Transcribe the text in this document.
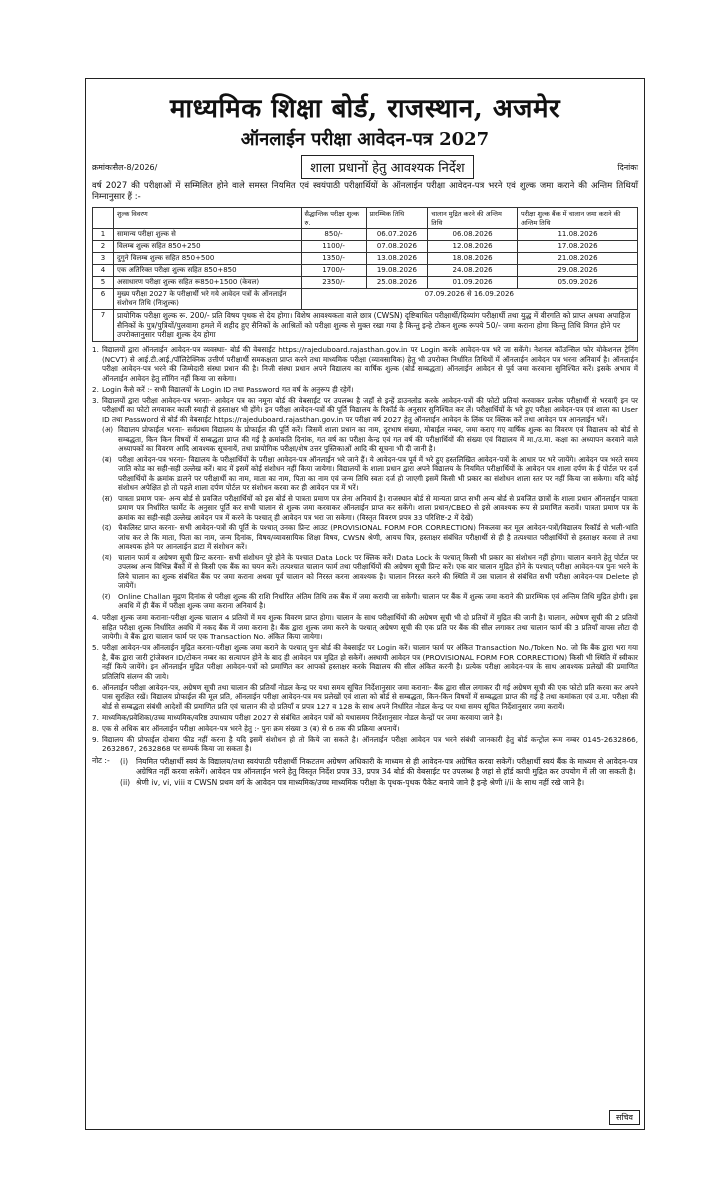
माध्यमिक शिक्षा बोर्ड, राजस्थान, अजमेर
ऑनलाईन परीक्षा आवेदन-पत्र 2027
क्रमांकःसैल-8/2026/	शाला प्रधानों हेतु आवश्यक निर्देश	दिनांकः
वर्ष 2027 की परीक्षाओं में सम्मिलित होने वाले समस्त नियमित एवं स्वयंपाठी परीक्षार्थियों के ऑनलाईन परीक्षा आवेदन-पत्र भरने एवं शुल्क जमा कराने की अन्तिम तिथियाँ निम्नानुसार हैं :-
	शुल्क विवरण	सैद्धान्तिक परीक्षा शुल्क रु.	प्रारम्भिक तिथि	चालान मुद्रित करने की अन्तिम तिथि	परीक्षा शुल्क बैंक में चालान जमा कराने की अन्तिम तिथि
1	सामान्य परीक्षा शुल्क से	850/-	06.07.2026	06.08.2026	11.08.2026
2	विलम्ब शुल्क सहित 850+250	1100/-	07.08.2026	12.08.2026	17.08.2026
3	दुगुने विलम्ब शुल्क सहित 850+500	1350/-	13.08.2026	18.08.2026	21.08.2026
4	एक अतिरिक्त परीक्षा शुल्क सहित 850+850	1700/-	19.08.2026	24.08.2026	29.08.2026
5	असाधारण परीक्षा शुल्क सहित रू850+1500 (केवल)	2350/-	25.08.2026	01.09.2026	05.09.2026
6	मुख्य परीक्षा 2027 के परीक्षार्थी भरे गये आवेदन पत्रों के ऑनलाईन संशोधन तिथि (निःशुल्क)	07.09.2026 से 16.09.2026			
7	प्रायोगिक परीक्षा शुल्क रू. 200/- प्रति विषय पृथक से देय होगा। विशेष आवश्यकता वाले छात्र (CWSN) दृष्टिबाधित परीक्षार्थी/दिव्यांग परीक्षार्थी तथा युद्ध में वीरगति को प्राप्त अथवा अपाहिज सैनिकों के पुत्र/पुत्रियों/पुलवामा हमले में शहीद हुए सैनिकों के आश्रितों को परीक्षा शुल्क से मुक्त रखा गया है किन्तु इन्हे टोकन शुल्क रूपये 50/- जमा कराना होगा किन्तु तिथि विगत होने पर उपरोक्तानुसार परीक्षा शुल्क देय होगा				
1. विद्यालयों द्वारा ऑनलाईन आवेदन-पत्र व्यवस्थाः- बोर्ड की वेबसाईट https://rajeduboard.rajasthan.gov.in पर Login करके आवेदन-पत्र भरे जा सकेंगे। नेशनल कॉउन्सिल फोर वोकेशनल ट्रेनिंग (NCVT) से आई.टी.आई./पॉलिटेक्निक उत्तीर्ण परीक्षार्थी समकक्षता प्राप्त करने तथा माध्यमिक परीक्षा (व्यावसायिक) हेतु भी उपरोक्त निर्धारित तिथियों में ऑनलाईन आवेदन पत्र भरना अनिवार्य है। ऑनलाईन परीक्षा आवेदन-पत्र भरने की जिम्मेदारी संस्था प्रधान की है। निजी संस्था प्रधान अपने विद्यालय का वार्षिक शुल्क (बोर्ड सम्बद्धता) ऑनलाईन आवेदन से पूर्व जमा करवाना सुनिश्चित करें। इसके अभाव में ऑनलाईन आवेदन हेतु लॉगिन नहीं किया जा सकेगा।
2. Login कैसे करें :- सभी विद्यालयों के Login ID तथा Password गत वर्ष के अनुरूप ही रहेगें।
3. विद्यालयों द्वारा परीक्षा आवेदन-पत्र भरनाः- आवेदन पत्र का नमूना बोर्ड की वेबसाईट पर उपलब्ध है जहाँ से इन्हें डाउनलोड करके आवेदन-पत्रों की फोटो प्रतियां करवाकर प्रत्येक परीक्षार्थी से भरवाएँ इन पर परीक्षार्थी का फोटो लगवाकर काली स्याही से हस्ताक्षर भी होंगे। इन परीक्षा आवेदन-पत्रों की पूर्ति विद्यालय के रिकॉर्ड के अनुसार सुनिश्चित कर लें। परीक्षार्थियों के भरे हुए परीक्षा आवेदन-पत्र एवं शाला का User ID तथा Password से बोर्ड की वेबसाईट https://rajeduboard.rajasthan.gov.in पर परीक्षा वर्ष 2027 हेतु ऑनलाईन आवेदन के लिंक पर क्लिक करें तथा आवेदन पत्र आनलाईन भरें।
(अ) विद्यालय प्रोफाईल भरनाः- सर्वप्रथम विद्यालय के प्रोफाईल की पूर्ति करें। जिसमें शाला प्रधान का नाम, दूरभाष संख्या, मोबाईल नम्बर, जमा कराए गए वार्षिक शुल्क का विवरण एवं विद्यालय को बोर्ड से सम्बद्धता, किन किन विषयों में सम्बद्धता प्राप्त की गई है क्रमांकति दिनांक, गत वर्ष का परीक्षा केन्द्र एवं गत वर्ष की परीक्षार्थियों की संख्या एवं विद्यालय में मा./उ.मा. कक्षा का अध्यापन करवाने वाले अध्यापकों का विवरण आदि आवश्यक सूचनायें, तथा प्रायोगिक परीक्षा/शेष उत्तर पुस्तिकाओं आदि की सूचना भी दी जानी है।
(ब) परीक्षा आवेदन-पत्र भरनाः- विद्यालय के परीक्षार्थियों के परीक्षा आवेदन-पत्र ऑनलाईन भरे जाने हैं। ये आवेदन-पत्र पूर्व में भरे हुए हस्तलिखित आवेदन-पत्रों के आधार पर भरे जायेंगे। आवेदन पत्र भरते समय जाति कोड का सही-सही उल्लेख करें। बाद में इसमें कोई संशोधन नहीं किया जायेगा। विद्यालयों के शाला प्रधान द्वारा अपने विद्यालय के नियमित परीक्षार्थियों के आवेदन पत्र शाला दर्पण के ई पोर्टल पर दर्ज परीक्षार्थियों के क्रमांक डालने पर परीक्षार्थी का नाम, माता का नाम, पिता का नाम एवं जन्म तिथि स्वतः दर्ज हो जाएगी इसमें किसी भी प्रकार का संशोधन शाला स्तर पर नहीं किया जा सकेगा। यदि कोई संशोधन अपेक्षित हो तो पहले शाला दर्पण पोर्टल पर संशोधन करवा कर ही आवेदन पत्र में भरें।
(स) पात्रता प्रमाण पत्रः- अन्य बोर्ड से प्रवजित परीक्षार्थियों को इस बोर्ड से पात्रता प्रमाण पत्र लेना अनिवार्य है। राजस्थान बोर्ड से मान्यता प्राप्त सभी अन्य बोर्ड से प्रवजित छात्रों के शाला प्रधान ऑनलाईन पात्रता प्रमाण पत्र निर्धारित फार्मेट के अनुसार पूर्ति कर सभी चालान से शुल्क जमा करवाकर ऑनलाईन प्राप्त कर सकेंगे। शाला प्रधान/CBEO से इसे आवश्यक रूप से प्रमाणित करावें। पात्रता प्रमाण पत्र के क्रमांक का सही-सही उल्लेख आवेदन पत्र में करने के पश्चात् ही आवेदन पत्र भरा जा सकेगा। (विस्तृत विवरण प्रपत्र 33 परिशिष्ट-2 में देखें)
(द) चैकलिस्ट प्राप्त करनाः- सभी आवेदन-पत्रों की पूर्ति के पश्चात् उनका प्रिन्ट आउट (PROVISIONAL FORM FOR CORRECTION) निकलवा कर मूल आवेदन-पत्रों/विद्यालय रिकॉर्ड से भली-भांति जांच कर ले कि माता, पिता का नाम, जन्म दिनांक, विषय/व्यावसायिक शिक्षा विषय, CWSN श्रेणी, आयच चित्र, हस्ताक्षर संबंधित परीक्षार्थी से ही है तत्पश्चात परीक्षार्थियों से हस्ताक्षर करवा ले तथा आवश्यक होने पर आनलाईन डाटा में संशोधन करें।
(य) चालान फार्म व अग्रेषण सूची प्रिन्ट करनाः- सभी संशोधन पूरे होने के पश्चात Data Lock पर क्लिक करें। Data Lock के पश्चात् किसी भी प्रकार का संशोधन नहीं होगा। चालान बनाने हेतु पोर्टल पर उपलब्ध अन्य विभिन्न बैंकों में से किसी एक बैंक का चयन करें। तत्पश्चात चालान फार्म तथा परीक्षार्थियों की अग्रेषण सूची प्रिन्ट करें। एक बार चालान मुद्रित होने के पश्चात् परीक्षा आवेदन-पत्र पुनः भरने के लिये चालान का शुल्क संबंधित बैंक पर जमा कराना अथवा पूर्व चालान को निरस्त करना आवश्यक है। चालान निरस्त करने की स्थिति में उस चालान से संबंधित सभी परीक्षा आवेदन-पत्र Delete हो जायेगें।
(र)	Online Challan मुद्रण दिनांक से परीक्षा शुल्क की राशि निर्धारित अंतिम तिथि तक बैंक में जमा करायी जा सकेगी। चालान पर बैंक में शुल्क जमा कराने की प्रारम्भिक एवं अन्तिम तिथि मुद्रित होगी। इस अवधि में ही बैंक में परीक्षा शुल्क जमा कराना अनिवार्य है।
4. परीक्षा शुल्क जमा करानाः-परीक्षा शुल्क चालान 4 प्रतियों में मय शुल्क विवरण प्राप्त होगा। चालान के साथ परीक्षार्थियों की अग्रेषण सूची भी दो प्रतियों में मुद्रित की जानी है। चालान, अग्रेषण सूची की 2 प्रतियों सहित परीक्षा शुल्क निर्धारित अवधि में नकद बैंक में जमा कराना है। बैंक द्वारा शुल्क जमा करने के पश्चात् अग्रेषण सूची की एक प्रति पर बैंक की सील लगाकर तथा चालान फार्म की 3 प्रतियाँ वापस लौटा दी जायेगी। वे बैंक द्वारा चालान फार्म पर एक Transaction No. अंकित किया जायेगा।
5. परीक्षा आवेदन-पत्र ऑनलाईन मुद्रित करनाः-परीक्षा शुल्क जमा कराने के पश्चात् पुनः बोर्ड की वेबसाईट पर Login करें। चालान फार्म पर अंकित Transaction No./Token No. जो कि बैंक द्वारा भरा गया है, बैंक द्वारा जारी ट्रांजेक्शन ID/टोकन नम्बर का सत्यापन होने के बाद ही आवेदन पत्र मुद्रित हो सकेगें। अस्थायी आवेदन पत्र (PROVISIONAL FORM FOR CORRECTION) किसी भी स्थिति में स्वीकार नहीं किये जायेंगे। इन ऑनलाईन मुद्रित परीक्षा आवेदन-पत्रों को प्रमाणित कर आपको हस्ताक्षर करके विद्यालय की सील अंकित करनी है। प्रत्येक परीक्षा आवेदन-पत्र के साथ आवश्यक प्रलेखों की प्रमाणित प्रतिलिपि संलग्न की जाये।
6. ऑनलाईन परीक्षा आवेदन-पत्र, अग्रेषण सूची तथा चालान की प्रतियाँ नोडल केन्द्र पर यथा समय सूचित निर्देशानुसार जमा करानाः- बैंक द्वारा सील लगाकर दी गई अग्रेषण सूची की एक फोटो प्रति करवा कर अपने पास सुरक्षित रखें। विद्यालय प्रोफाईल की मूल प्रति, ऑनलाईन परीक्षा आवेदन-पत्र मय प्रलेखों एवं शाला को बोर्ड से सम्बद्धता, किन-किन विषयों में सम्बद्धता प्राप्त की गई है तथा कमांकता एवं उ.मा. परीक्षा की बोर्ड से सम्बद्धता संबंधी आदेशों की प्रमाणित प्रति एवं चालान की दो प्रतियाँ व प्रपत्र 127 व 128 के साथ अपने निर्धारित नोडल केन्द्र पर यथा समय सूचित निर्देशानुसार जमा करायें।
7. माध्यमिक/प्रवेशिका/उच्च माध्यमिक/वरिष्ठ उपाध्याय परीक्षा 2027 से संबंधित आवेदन पत्रों को यथासमय निर्देशानुसार नोडल केन्द्रों पर जमा करवाया जाने है।
8. एक से अधिक बार ऑनलाईन परीक्षा आवेदन-पत्र भरने हेतु :- पुनः क्रम संख्या 3 (ब) से 6 तक की प्रक्रिया अपनायें।
9. विद्यालय की प्रोफाईल दोबारा फीड नहीं करना है यदि इसमें संशोधन हो तो किये जा सकते है। ऑनलाईन परीक्षा आवेदन पत्र भरने संबंधी जानकारी हेतु बोर्ड कन्ट्रोल रूम नम्बर 0145-2632866, 2632867, 2632868 पर सम्पर्क किया जा सकता है।
नोट :-	(i)	नियमित परीक्षार्थी स्वयं के विद्यालय/तथा स्वयंपाठी परीक्षार्थी निकटतम अग्रेषण अधिकारी के माध्यम से ही आवेदन-पत्र अग्रेषित करवा सकेगें। परीक्षार्थी स्वयं बैंक के माध्यम से आवेदन-पत्र अग्रेषित नहीं करवा सकेगें। आवेदन पत्र ऑनलाईन भरने हेतु विस्तृत निर्देश प्रपत्र 33, प्रपत्र 34 बोर्ड की वेबसाईट पर उपलब्ध है जहां से हॉर्ड कापी मुद्रित कर उपयोग में ली जा सकती है।
(ii) श्रेणी iv, vi, viii व CWSN प्रथम वर्ग के आवेदन पत्र माध्यमिक/उच्च माध्यमिक परीक्षा के पृथक-पृथक पैकेट बनाये जाने है इन्हे श्रेणी i/ii के साथ नहीं रखे जाने है।
सचिव
